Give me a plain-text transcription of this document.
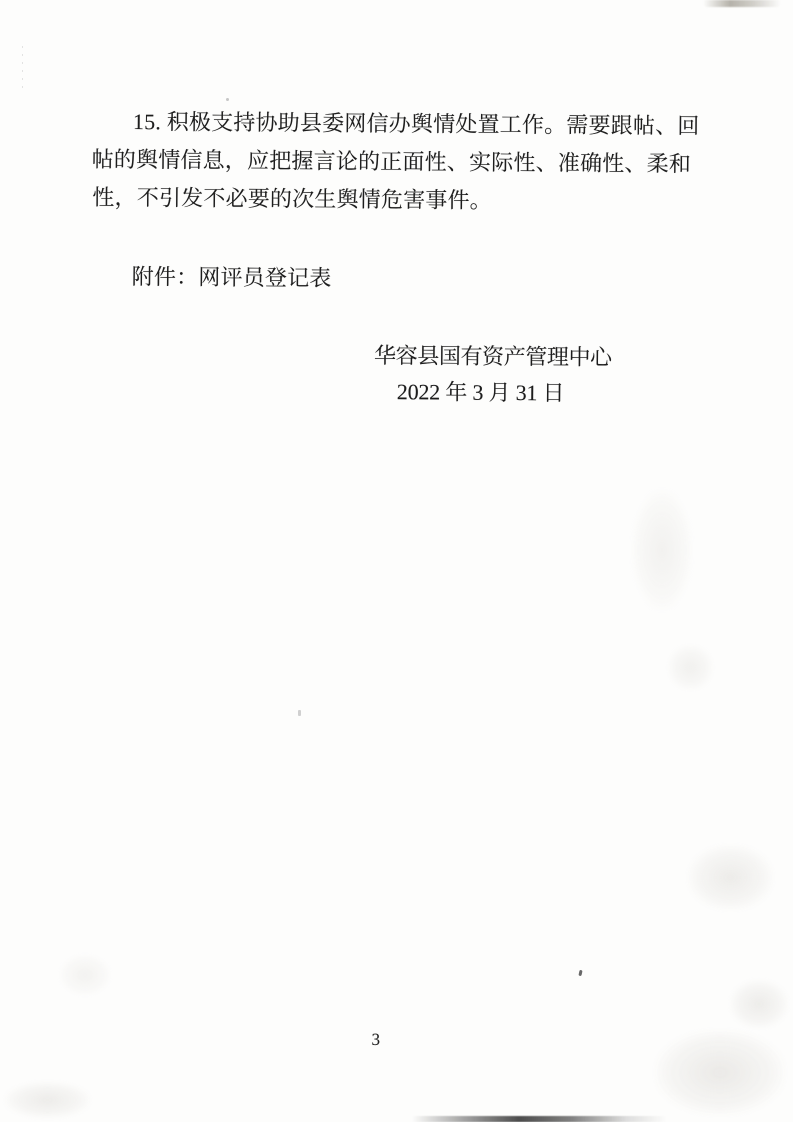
15. 积极支持协助县委网信办舆情处置工作。需要跟帖、回
帖的舆情信息，应把握言论的正面性、实际性、准确性、柔和
性，不引发不必要的次生舆情危害事件。
附件：网评员登记表
华容县国有资产管理中心
2022 年 3 月 31 日
3
